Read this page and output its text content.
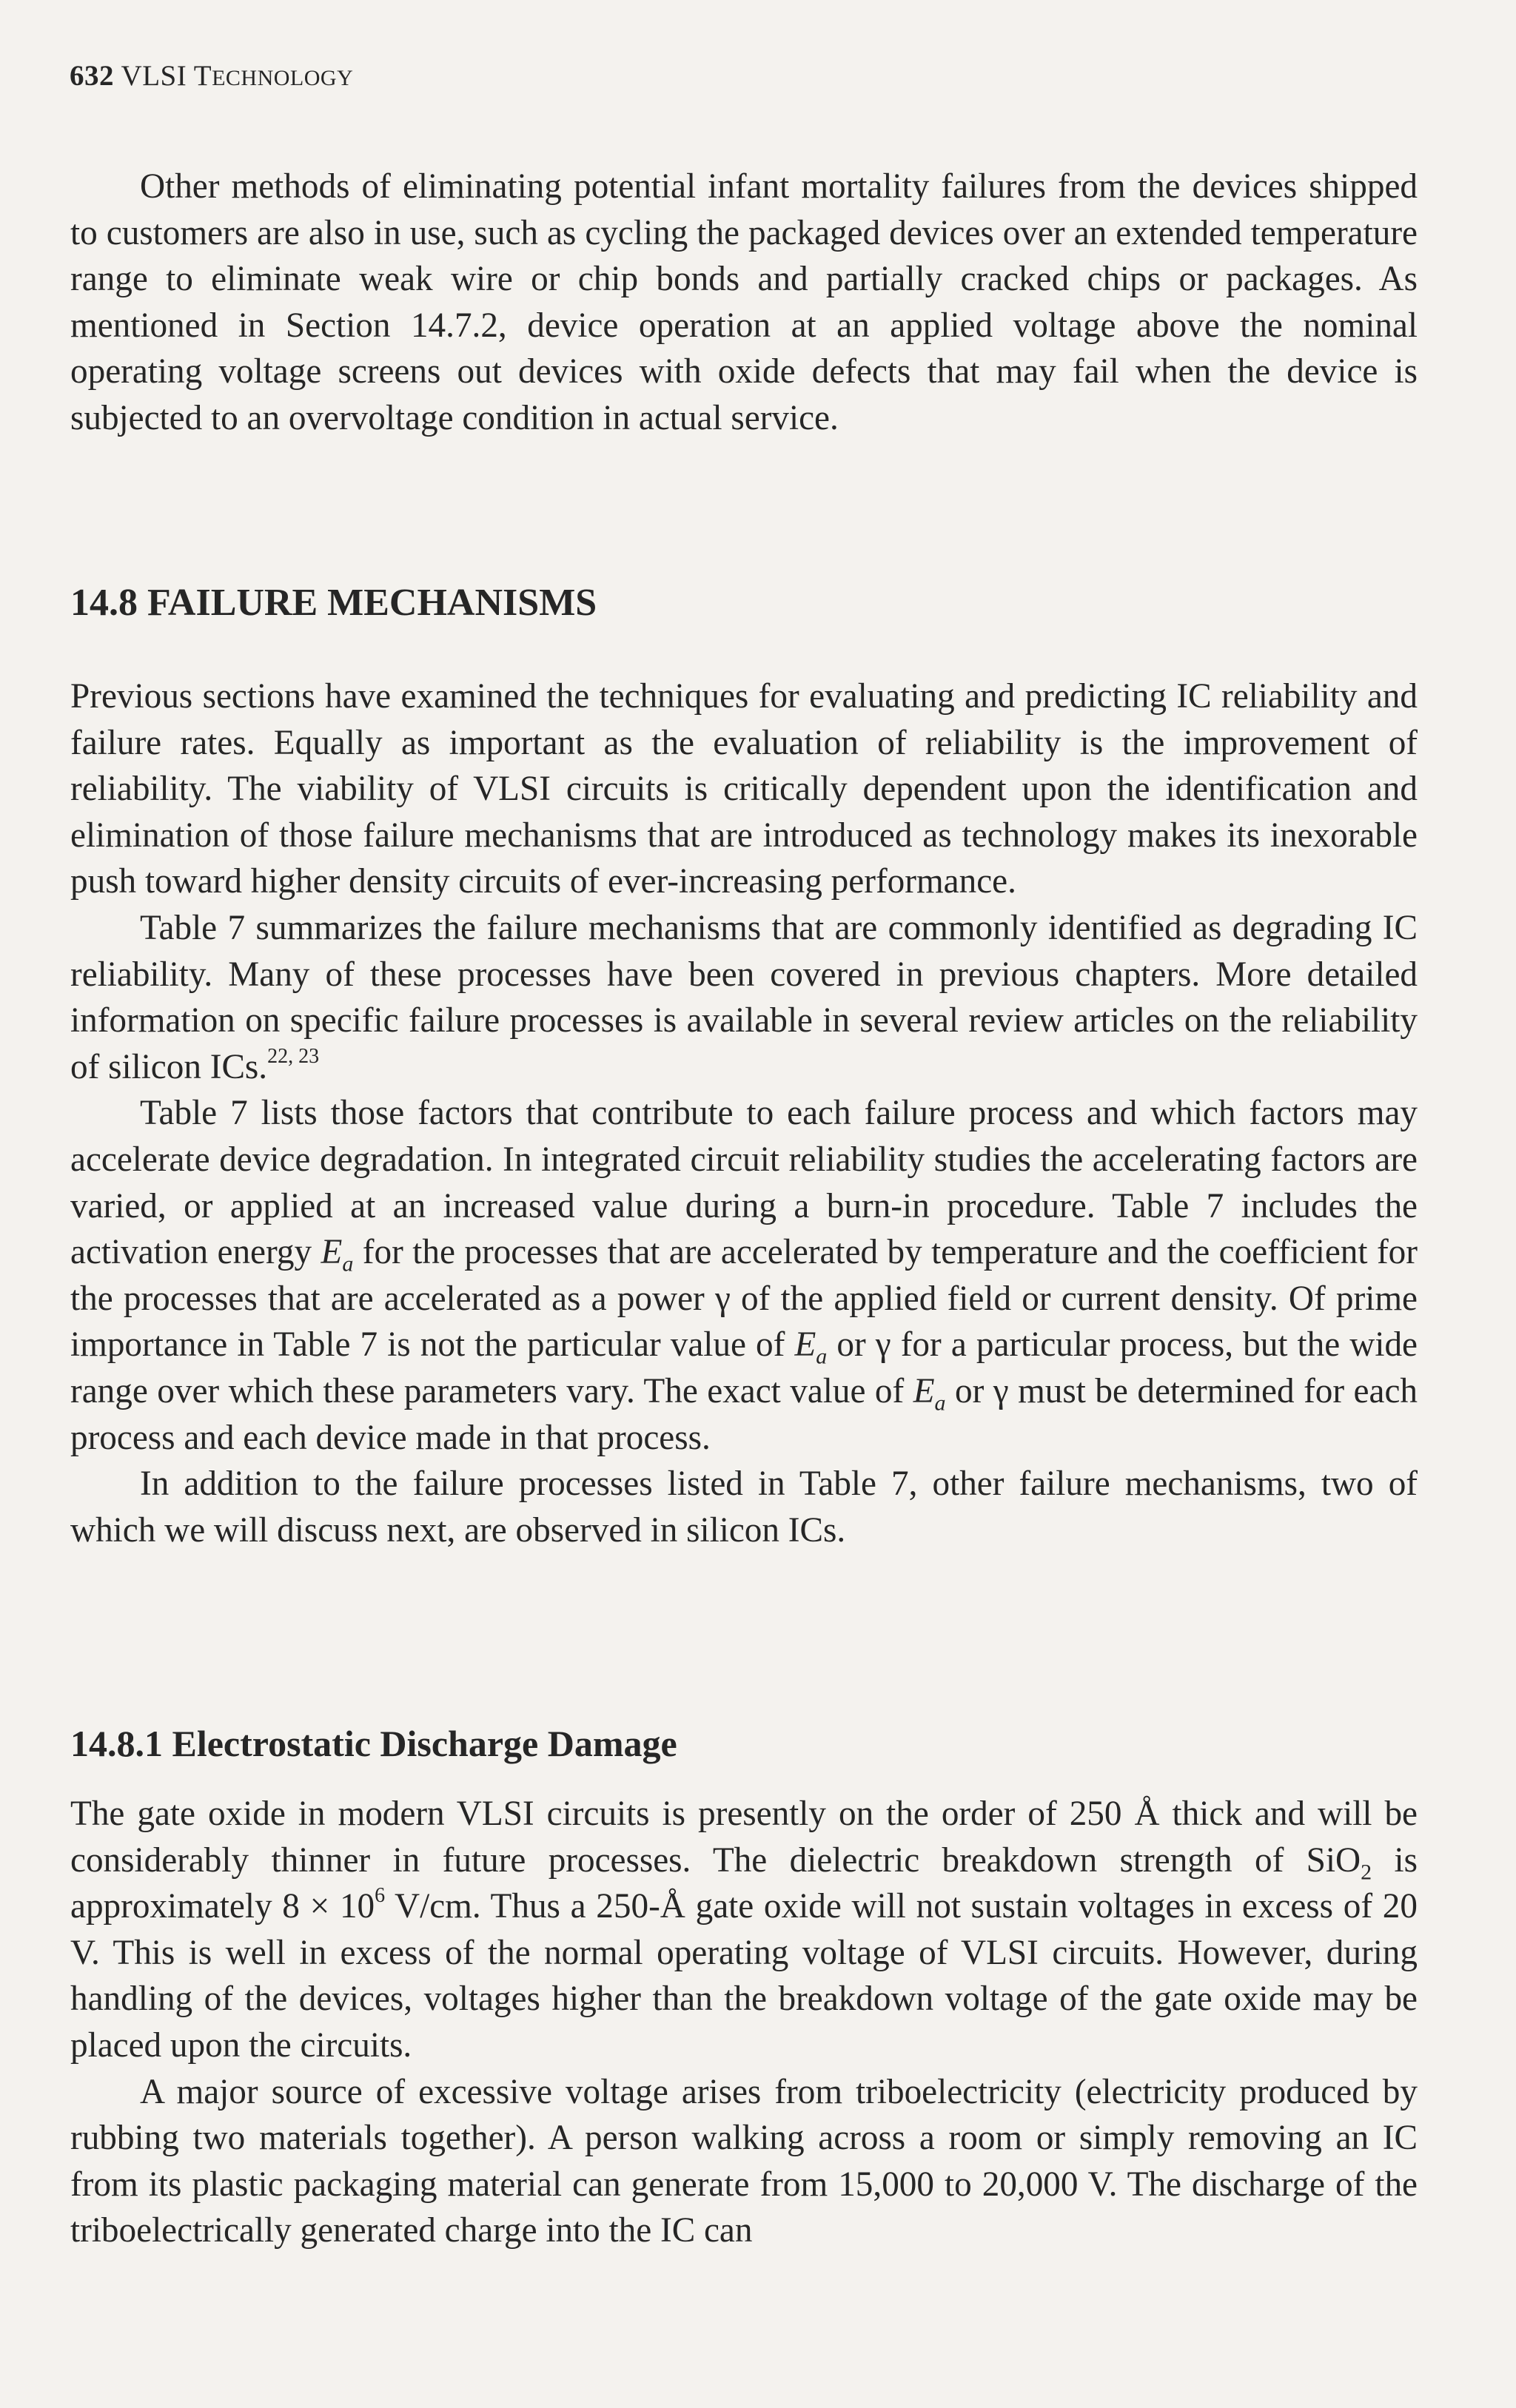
632 VLSI TECHNOLOGY

Other methods of eliminating potential infant mortality failures from the devices shipped to customers are also in use, such as cycling the packaged devices over an extended temperature range to eliminate weak wire or chip bonds and partially cracked chips or packages. As mentioned in Section 14.7.2, device operation at an applied voltage above the nominal operating voltage screens out devices with oxide defects that may fail when the device is subjected to an overvoltage condition in actual service.

14.8 FAILURE MECHANISMS

Previous sections have examined the techniques for evaluating and predicting IC reliability and failure rates. Equally as important as the evaluation of reliability is the improvement of reliability. The viability of VLSI circuits is critically dependent upon the identification and elimination of those failure mechanisms that are introduced as technology makes its inexorable push toward higher density circuits of ever-increasing performance.

Table 7 summarizes the failure mechanisms that are commonly identified as degrading IC reliability. Many of these processes have been covered in previous chapters. More detailed information on specific failure processes is available in several review articles on the reliability of silicon ICs.$^{22, 23}$

Table 7 lists those factors that contribute to each failure process and which factors may accelerate device degradation. In integrated circuit reliability studies the accelerating factors are varied, or applied at an increased value during a burn-in procedure. Table 7 includes the activation energy $E_a$ for the processes that are accelerated by temperature and the coefficient for the processes that are accelerated as a power γ of the applied field or current density. Of prime importance in Table 7 is not the particular value of $E_a$ or γ for a particular process, but the wide range over which these parameters vary. The exact value of $E_a$ or γ must be determined for each process and each device made in that process.

In addition to the failure processes listed in Table 7, other failure mechanisms, two of which we will discuss next, are observed in silicon ICs.

14.8.1 Electrostatic Discharge Damage

The gate oxide in modern VLSI circuits is presently on the order of 250 Å thick and will be considerably thinner in future processes. The dielectric breakdown strength of SiO$_2$ is approximately $8 \times 10^6$ V/cm. Thus a 250-Å gate oxide will not sustain voltages in excess of 20 V. This is well in excess of the normal operating voltage of VLSI circuits. However, during handling of the devices, voltages higher than the breakdown voltage of the gate oxide may be placed upon the circuits.

A major source of excessive voltage arises from triboelectricity (electricity produced by rubbing two materials together). A person walking across a room or simply removing an IC from its plastic packaging material can generate from 15,000 to 20,000 V. The discharge of the triboelectrically generated charge into the IC can
